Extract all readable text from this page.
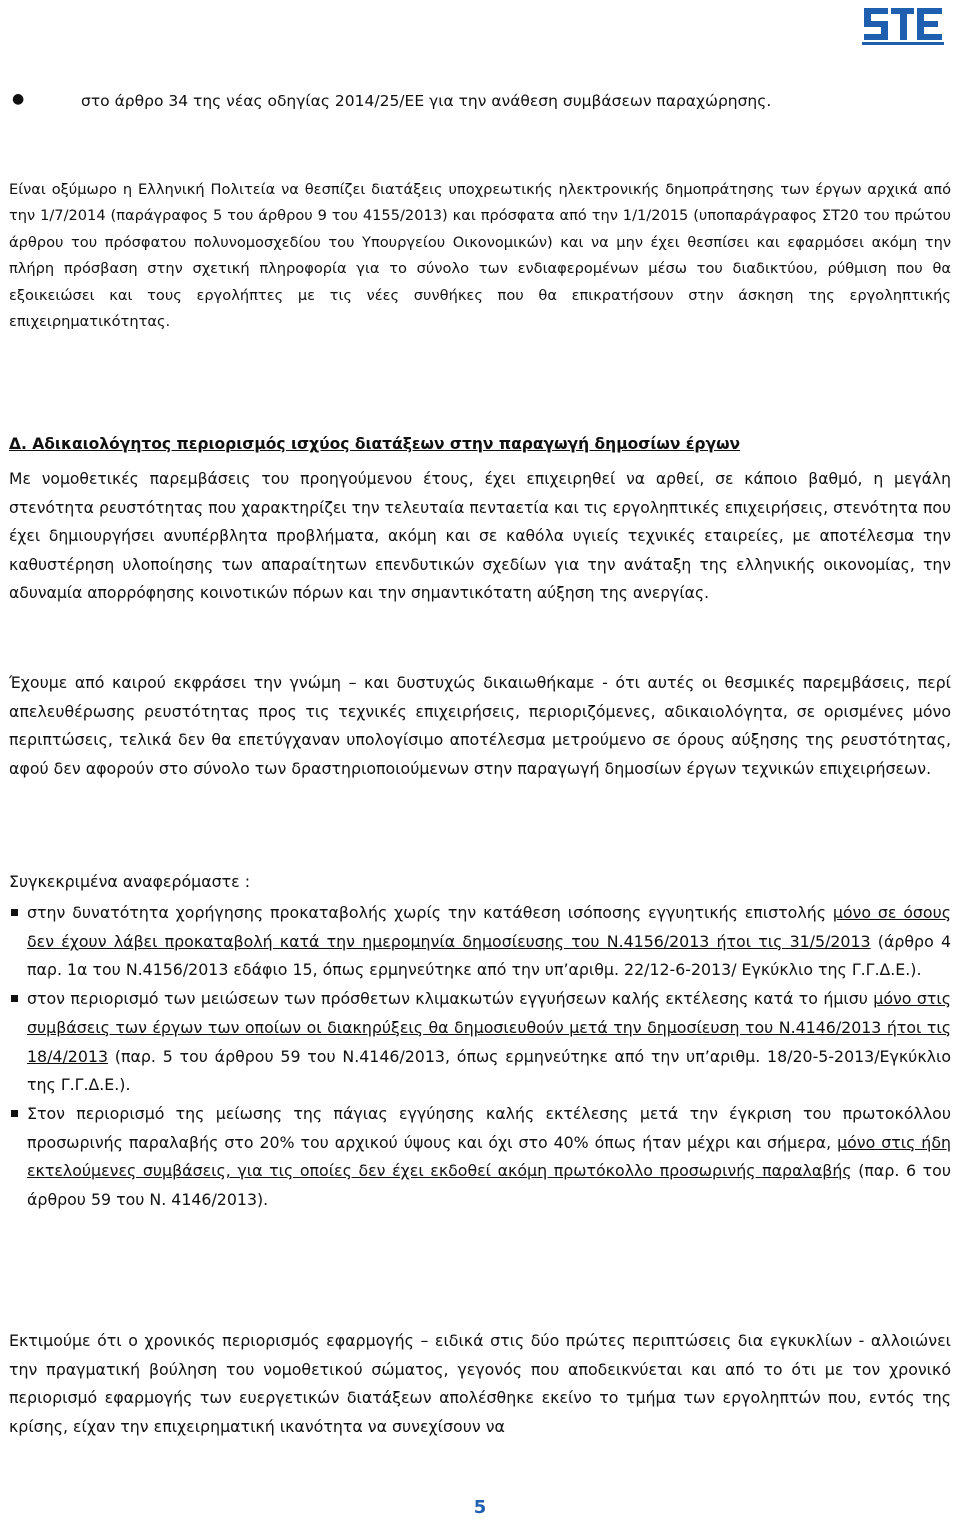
●	στο άρθρο 34 της νέας οδηγίας 2014/25/ΕΕ για την ανάθεση συμβάσεων παραχώρησης.

Είναι οξύμωρο η Ελληνική Πολιτεία να θεσπίζει διατάξεις υποχρεωτικής ηλεκτρονικής δημοπράτησης των έργων αρχικά από την 1/7/2014 (παράγραφος 5 του άρθρου 9 του 4155/2013) και πρόσφατα από την 1/1/2015 (υποπαράγραφος ΣΤ20 του πρώτου άρθρου του πρόσφατου πολυνομοσχεδίου του Υπουργείου Οικονομικών) και να μην έχει θεσπίσει και εφαρμόσει ακόμη την πλήρη πρόσβαση στην σχετική πληροφορία για το σύνολο των ενδιαφερομένων μέσω του διαδικτύου, ρύθμιση που θα εξοικειώσει και τους εργολήπτες με τις νέες συνθήκες που θα επικρατήσουν στην άσκηση της εργοληπτικής επιχειρηματικότητας.

Δ. Αδικαιολόγητος περιορισμός ισχύος διατάξεων στην παραγωγή δημοσίων έργων

Με νομοθετικές παρεμβάσεις του προηγούμενου έτους, έχει επιχειρηθεί να αρθεί, σε κάποιο βαθμό, η μεγάλη στενότητα ρευστότητας που χαρακτηρίζει την τελευταία πενταετία και τις εργοληπτικές επιχειρήσεις, στενότητα που έχει δημιουργήσει ανυπέρβλητα προβλήματα, ακόμη και σε καθόλα υγιείς τεχνικές εταιρείες, με αποτέλεσμα την καθυστέρηση υλοποίησης των απαραίτητων επενδυτικών σχεδίων για την ανάταξη της ελληνικής οικονομίας, την αδυναμία απορρόφησης κοινοτικών πόρων και την σημαντικότατη αύξηση της ανεργίας.

Έχουμε από καιρού εκφράσει την γνώμη – και δυστυχώς δικαιωθήκαμε - ότι αυτές οι θεσμικές παρεμβάσεις, περί απελευθέρωσης ρευστότητας προς τις τεχνικές επιχειρήσεις, περιοριζόμενες, αδικαιολόγητα, σε ορισμένες μόνο περιπτώσεις, τελικά δεν θα επετύγχαναν υπολογίσιμο αποτέλεσμα μετρούμενο σε όρους αύξησης της ρευστότητας, αφού δεν αφορούν στο σύνολο των δραστηριοποιούμενων στην παραγωγή δημοσίων έργων τεχνικών επιχειρήσεων.

Συγκεκριμένα αναφερόμαστε :

στην δυνατότητα χορήγησης προκαταβολής χωρίς την κατάθεση ισόποσης εγγυητικής επιστολής μόνο σε όσους δεν έχουν λάβει προκαταβολή κατά την ημερομηνία δημοσίευσης του Ν.4156/2013 ήτοι τις 31/5/2013 (άρθρο 4 παρ. 1α του Ν.4156/2013 εδάφιο 15, όπως ερμηνεύτηκε από την υπ’αριθμ. 22/12-6-2013/ Εγκύκλιο της Γ.Γ.Δ.Ε.).
στον περιορισμό των μειώσεων των πρόσθετων κλιμακωτών εγγυήσεων καλής εκτέλεσης κατά το ήμισυ μόνο στις συμβάσεις των έργων των οποίων οι διακηρύξεις θα δημοσιευθούν μετά την δημοσίευση του Ν.4146/2013 ήτοι τις 18/4/2013 (παρ. 5 του άρθρου 59 του Ν.4146/2013, όπως ερμηνεύτηκε από την υπ’αριθμ. 18/20-5-2013/Εγκύκλιο της Γ.Γ.Δ.Ε.).
Στον περιορισμό της μείωσης της πάγιας εγγύησης καλής εκτέλεσης μετά την έγκριση του πρωτοκόλλου προσωρινής παραλαβής στο 20% του αρχικού ύψους και όχι στο 40% όπως ήταν μέχρι και σήμερα, μόνο στις ήδη εκτελούμενες συμβάσεις, για τις οποίες δεν έχει εκδοθεί ακόμη πρωτόκολλο προσωρινής παραλαβής (παρ. 6 του άρθρου 59 του Ν. 4146/2013).

Εκτιμούμε ότι ο χρονικός περιορισμός εφαρμογής – ειδικά στις δύο πρώτες περιπτώσεις δια εγκυκλίων - αλλοιώνει την πραγματική βούληση του νομοθετικού σώματος, γεγονός που αποδεικνύεται και από το ότι με τον χρονικό περιορισμό εφαρμογής των ευεργετικών διατάξεων απολέσθηκε εκείνο το τμήμα των εργοληπτών που, εντός της κρίσης, είχαν την επιχειρηματική ικανότητα να συνεχίσουν να

5
